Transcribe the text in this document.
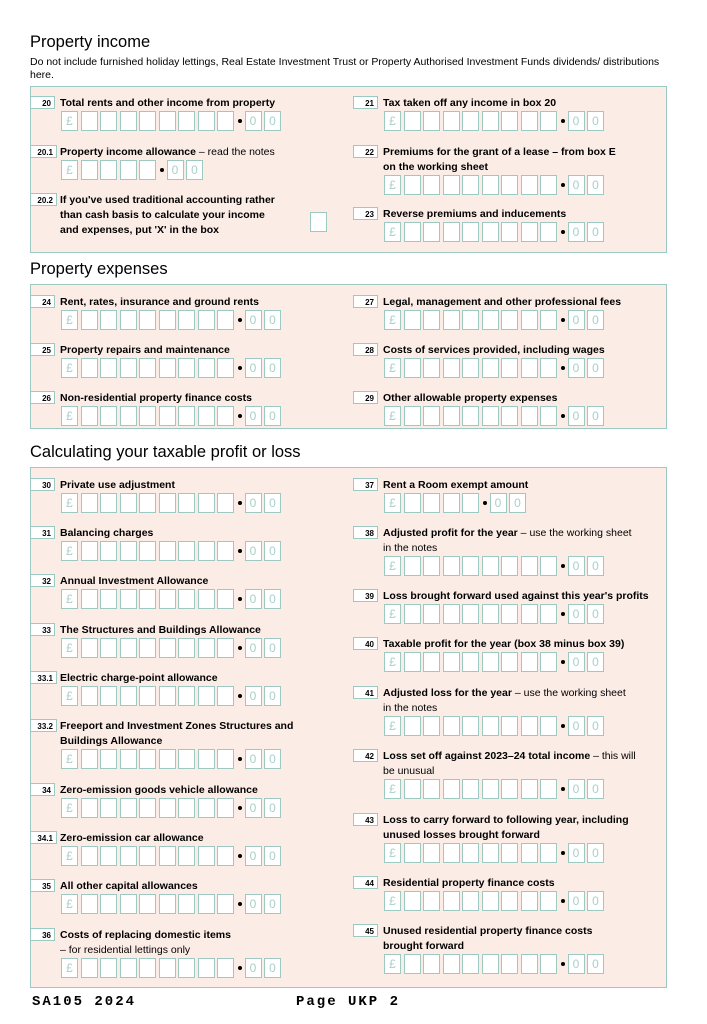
Property income
Do not include furnished holiday lettings, Real Estate Investment Trust or Property Authorised Investment Funds dividends/ distributions here.
Property expenses
Calculating your taxable profit or loss
20 Total rents and other income from property
£	0	0
20.1 Property income allowance – read the notes
£	0	0
20.2 If you've used traditional accounting rather
than cash basis to calculate your income
and expenses, put 'X' in the box
21 Tax taken off any income in box 20
£	0	0
22 Premiums for the grant of a lease – from box E
on the working sheet
£	0	0
23 Reverse premiums and inducements
£	0	0
24 Rent, rates, insurance and ground rents
£	0	0
25 Property repairs and maintenance
£	0	0
26 Non-residential property finance costs
£	0	0
27 Legal, management and other professional fees
£	0	0
28 Costs of services provided, including wages
£	0	0
29 Other allowable property expenses
£	0	0
30 Private use adjustment
£	0	0
31 Balancing charges
£	0	0
32 Annual Investment Allowance
£	0	0
33 The Structures and Buildings Allowance
£	0	0
33.1 Electric charge-point allowance
£	0	0
33.2 Freeport and Investment Zones Structures and
Buildings Allowance
£	0	0
34 Zero-emission goods vehicle allowance
£	0	0
34.1 Zero-emission car allowance
£	0	0
35 All other capital allowances
£	0	0
36 Costs of replacing domestic items
– for residential lettings only
£	0	0
37 Rent a Room exempt amount
£	0	0
38 Adjusted profit for the year – use the working sheet
in the notes
£	0	0
39 Loss brought forward used against this year's profits
£	0	0
40 Taxable profit for the year (box 38 minus box 39)
£	0	0
41 Adjusted loss for the year – use the working sheet
in the notes
£	0	0
42 Loss set off against 2023–24 total income – this will
be unusual
£	0	0
43 Loss to carry forward to following year, including
unused losses brought forward
£	0	0
44 Residential property finance costs
£	0	0
45 Unused residential property finance costs
brought forward
£	0	0
SA105 2024	Page UKP 2
